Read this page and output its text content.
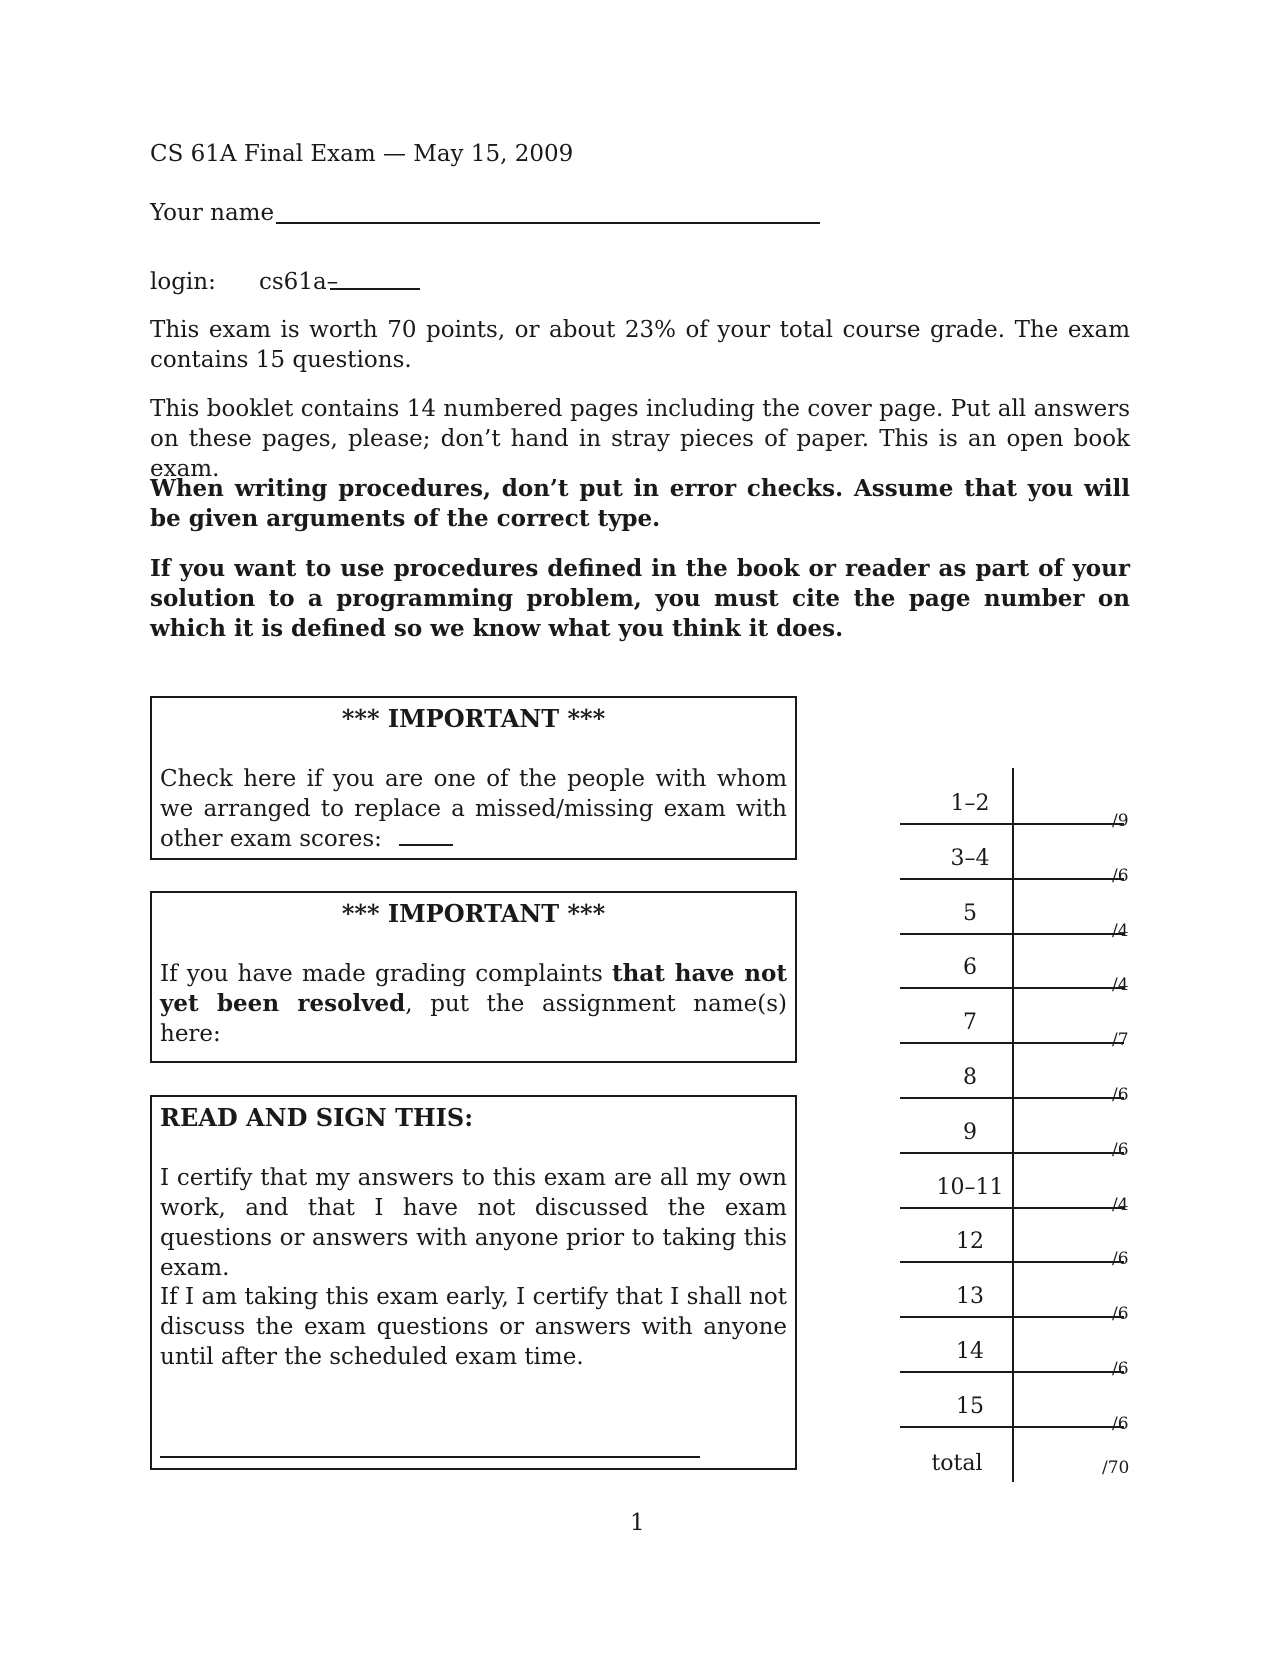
CS 61A Final Exam — May 15, 2009
Your name
login: cs61a–
This exam is worth 70 points, or about 23% of your total course grade. The exam contains 15 questions.
This booklet contains 14 numbered pages including the cover page. Put all answers on these pages, please; don’t hand in stray pieces of paper. This is an open book exam.
When writing procedures, don’t put in error checks. Assume that you will be given arguments of the correct type.
If you want to use procedures defined in the book or reader as part of your solution to a programming problem, you must cite the page number on which it is defined so we know what you think it does.
*** IMPORTANT ***
Check here if you are one of the people with whom we arranged to replace a missed/missing exam with other exam scores:
*** IMPORTANT ***
If you have made grading complaints that have not yet been resolved, put the assignment name(s) here:
READ AND SIGN THIS:
I certify that my answers to this exam are all my own work, and that I have not discussed the exam questions or answers with anyone prior to taking this exam.
If I am taking this exam early, I certify that I shall not discuss the exam questions or answers with anyone until after the scheduled exam time.
1–2
/9
3–4
/6
5
/4
6
/4
7
/7
8
/6
9
/6
10–11
/4
12
/6
13
/6
14
/6
15
/6
total	/70
1
